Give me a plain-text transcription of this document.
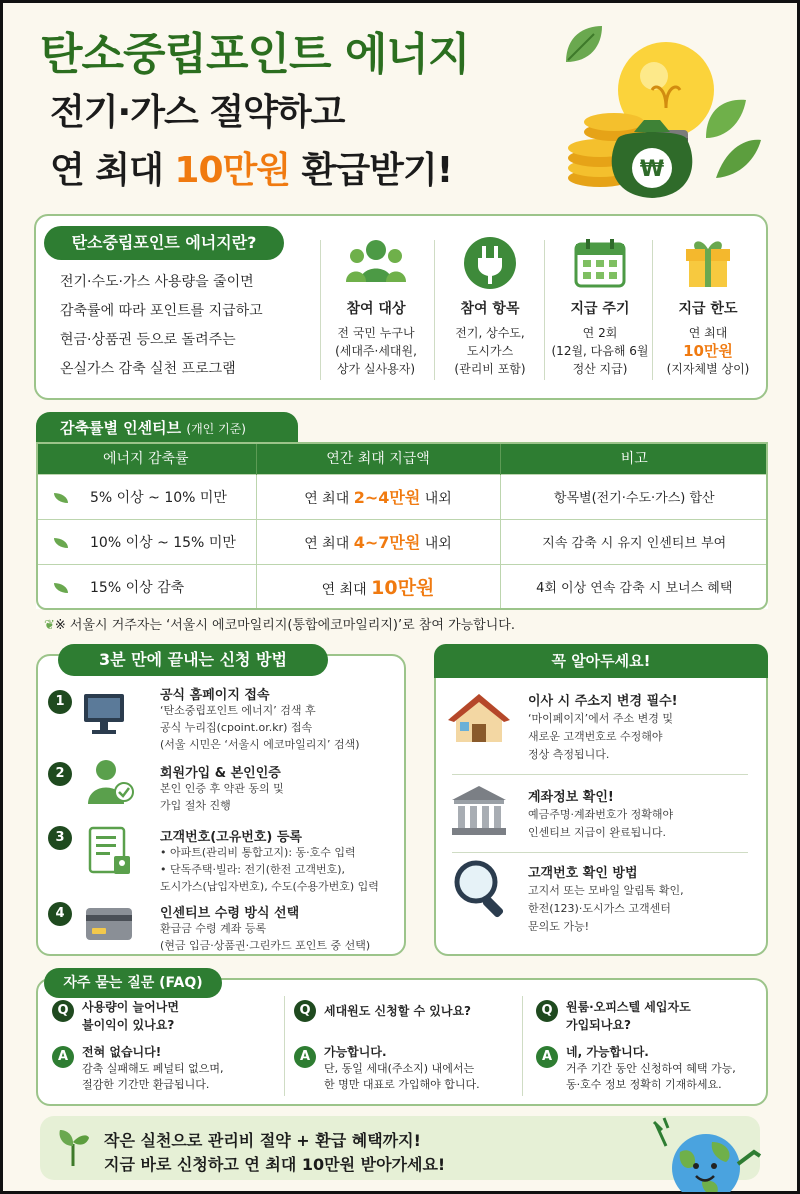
탄소중립포인트 에너지
전기·가스 절약하고
연 최대 10만원 환급받기!	₩
탄소중립포인트 에너지란?
전기·수도·가스 사용량을 줄이면
감축률에 따라 포인트를 지급하고
현금·상품권 등으로 돌려주는
온실가스 감축 실천 프로그램
참여 대상
전 국민 누구나
(세대주·세대원,
상가 실사용자)
참여 항목
전기, 상수도,
도시가스
(관리비 포함)
지급 주기
연 2회
(12월, 다음해 6월
정산 지급)
지급 한도
연 최대
10만원
(지자체별 상이)
감축률별 인센티브 (개인 기준)
에너지 감축률	연간 최대 지급액	비고
5% 이상 ~ 10% 미만	연 최대 2~4만원 내외	항목별(전기·수도·가스) 합산
10% 이상 ~ 15% 미만	연 최대 4~7만원 내외	지속 감축 시 유지 인센티브 부여
15% 이상 감축	연 최대 10만원	4회 이상 연속 감축 시 보너스 혜택
❦※ 서울시 거주자는 ‘서울시 에코마일리지(통합에코마일리지)’로 참여 가능합니다.
3분 만에 끝내는 신청 방법
1	공식 홈페이지 접속
‘탄소중립포인트 에너지’ 검색 후
공식 누리집(cpoint.or.kr) 접속
(서울 시민은 ‘서울시 에코마일리지’ 검색)
2	회원가입 & 본인인증
본인 인증 후 약관 동의 및
가입 절차 진행
3	고객번호(고유번호) 등록
• 아파트(관리비 통합고지): 동·호수 입력
• 단독주택·빌라: 전기(한전 고객번호),
도시가스(납입자번호), 수도(수용가번호) 입력
4	인센티브 수령 방식 선택
환급금 수령 계좌 등록
(현금 입금·상품권·그린카드 포인트 중 선택)
꼭 알아두세요!
이사 시 주소지 변경 필수!
‘마이페이지’에서 주소 변경 및
새로운 고객번호로 수정해야
정상 측정됩니다.
계좌정보 확인!
예금주명·계좌번호가 정확해야
인센티브 지급이 완료됩니다.
고객번호 확인 방법
고지서 또는 모바일 알림톡 확인,
한전(123)·도시가스 고객센터
문의도 가능!
자주 묻는 질문 (FAQ)
Q	사용량이 늘어나면
불이익이 있나요?
A	전혀 없습니다!
감축 실패해도 페널티 없으며,
절감한 기간만 환급됩니다.
Q	세대원도 신청할 수 있나요?
A	가능합니다.
단, 동일 세대(주소지) 내에서는
한 명만 대표로 가입해야 합니다.
Q	원룸·오피스텔 세입자도
가입되나요?
A	네, 가능합니다.
거주 기간 동안 신청하여 혜택 가능,
동·호수 정보 정확히 기재하세요.
작은 실천으로 관리비 절약 + 환급 혜택까지!
지금 바로 신청하고 연 최대 10만원 받아가세요!
